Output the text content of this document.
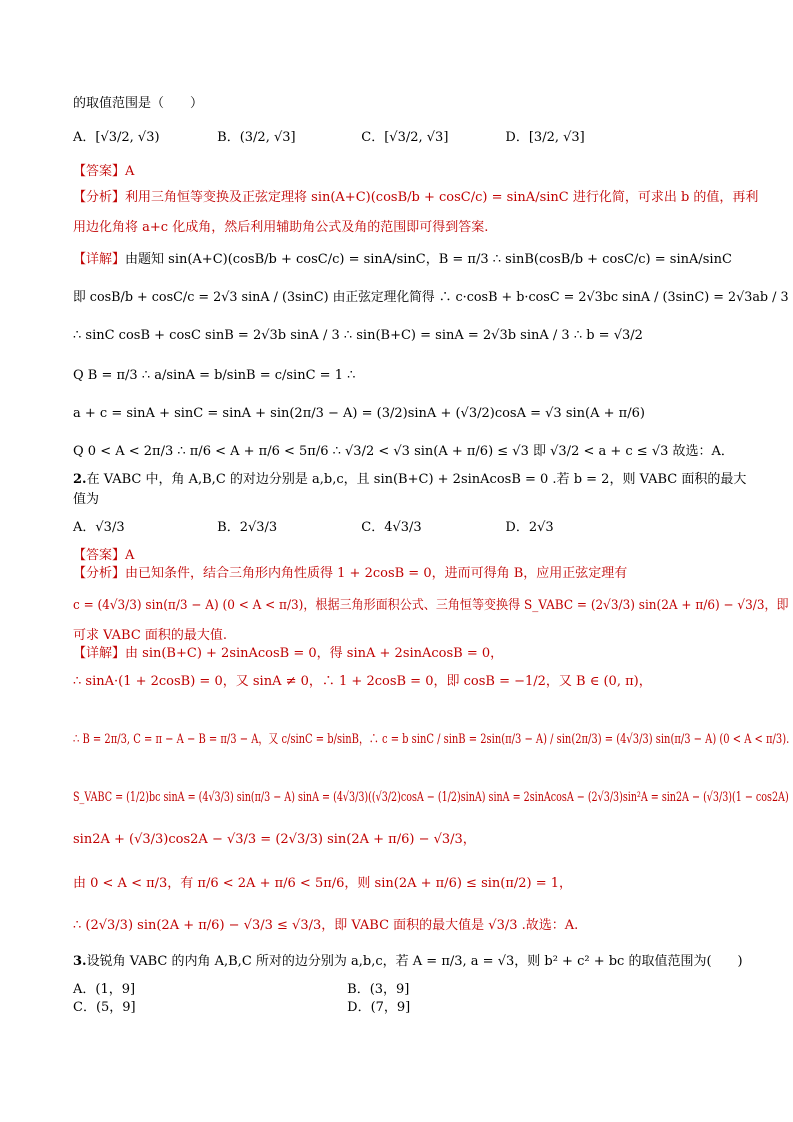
的取值范围是（　　）
A．[√3/2, √3)	B．(3/2, √3]	C．[√3/2, √3]	D．[3/2, √3]
【答案】A
【分析】利用三角恒等变换及正弦定理将 sin(A+C)(cosB/b + cosC/c) = sinA/sinC 进行化简，可求出 b 的值，再利
用边化角将 a+c 化成角，然后利用辅助角公式及角的范围即可得到答案.
【详解】由题知 sin(A+C)(cosB/b + cosC/c) = sinA/sinC，B = π/3 ∴ sinB(cosB/b + cosC/c) = sinA/sinC
即 cosB/b + cosC/c = 2√3 sinA / (3sinC) 由正弦定理化简得 ∴ c·cosB + b·cosC = 2√3bc sinA / (3sinC) = 2√3ab / 3
∴ sinC cosB + cosC sinB = 2√3b sinA / 3 ∴ sin(B+C) = sinA = 2√3b sinA / 3 ∴ b = √3/2
Q B = π/3 ∴ a/sinA = b/sinB = c/sinC = 1 ∴
a + c = sinA + sinC = sinA + sin(2π/3 − A) = (3/2)sinA + (√3/2)cosA = √3 sin(A + π/6)
Q 0 < A < 2π/3 ∴ π/6 < A + π/6 < 5π/6 ∴ √3/2 < √3 sin(A + π/6) ≤ √3 即 √3/2 < a + c ≤ √3 故选：A．
2.在 VABC 中，角 A,B,C 的对边分别是 a,b,c，且 sin(B+C) + 2sinAcosB = 0 .若 b = 2，则 VABC 面积的最大
值为
A．√3/3	B．2√3/3	C．4√3/3	D．2√3
【答案】A
【分析】由已知条件，结合三角形内角性质得 1 + 2cosB = 0，进而可得角 B，应用正弦定理有
c = (4√3/3) sin(π/3 − A) (0 < A < π/3)，根据三角形面积公式、三角恒等变换得 S_VABC = (2√3/3) sin(2A + π/6) − √3/3，即
可求 VABC 面积的最大值.
【详解】由 sin(B+C) + 2sinAcosB = 0，得 sinA + 2sinAcosB = 0，
∴ sinA·(1 + 2cosB) = 0，又 sinA ≠ 0，∴ 1 + 2cosB = 0，即 cosB = −1/2，又 B ∈ (0, π)，
∴ B = 2π/3, C = π − A − B = π/3 − A，又 c/sinC = b/sinB，∴ c = b sinC / sinB = 2sin(π/3 − A) / sin(2π/3) = (4√3/3) sin(π/3 − A) (0 < A < π/3).
S_VABC = (1/2)bc sinA = (4√3/3) sin(π/3 − A) sinA = (4√3/3)((√3/2)cosA − (1/2)sinA) sinA = 2sinAcosA − (2√3/3)sin²A = sin2A − (√3/3)(1 − cos2A)
sin2A + (√3/3)cos2A − √3/3 = (2√3/3) sin(2A + π/6) − √3/3，
由 0 < A < π/3，有 π/6 < 2A + π/6 < 5π/6，则 sin(2A + π/6) ≤ sin(π/2) = 1，
∴ (2√3/3) sin(2A + π/6) − √3/3 ≤ √3/3，即 VABC 面积的最大值是 √3/3 .故选：A.
3.设锐角 VABC 的内角 A,B,C 所对的边分别为 a,b,c，若 A = π/3, a = √3，则 b² + c² + bc 的取值范围为(　　)
A．(1，9]	B．(3，9]
C．(5，9]	D．(7，9]
